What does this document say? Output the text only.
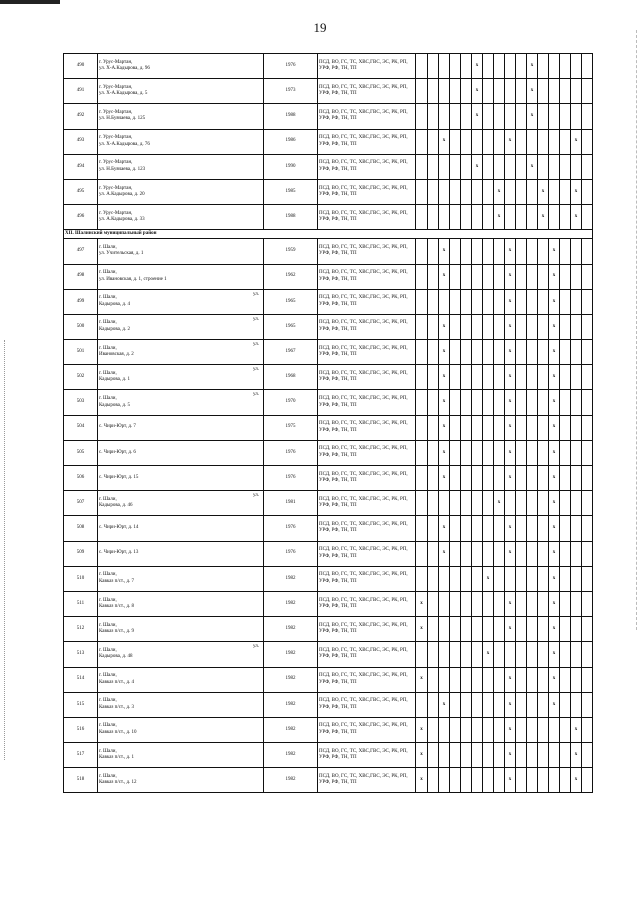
19
490	г. Урус-Мартан,
ул. Х-А.Кадырова, д. 96	1976	ПСД, ВО, ГС, ТС, ХВС,ГВС, ЭС, РК, РП, УРФ, РФ, ТН, ТП						x					x					
491	г. Урус-Мартан,
ул. Х-А.Кадырова, д. 5	1973	ПСД, ВО, ГС, ТС, ХВС,ГВС, ЭС, РК, РП, УРФ, РФ, ТН, ТП						x					x					
492	г. Урус-Мартан,
ул. Н.Бувчаева, д. 125	1988	ПСД, ВО, ГС, ТС, ХВС,ГВС, ЭС, РК, РП, УРФ, РФ, ТН, ТП						x					x					
493	г. Урус-Мартан,
ул. Х-А.Кадырова, д. 76	1986	ПСД, ВО, ГС, ТС, ХВС,ГВС, ЭС, РК, РП, УРФ, РФ, ТН, ТП			x						x						x	
494	г. Урус-Мартан,
ул. Н.Бувчаева, д. 123	1990	ПСД, ВО, ГС, ТС, ХВС,ГВС, ЭС, РК, РП, УРФ, РФ, ТН, ТП						x					x					
495	г. Урус-Мартан,
ул. А.Кадырова, д. 20	1985	ПСД, ВО, ГС, ТС, ХВС,ГВС, ЭС, РК, РП, УРФ, РФ, ТН, ТП								x				x			x	
496	г. Урус-Мартан,
ул. А.Кадырова, д. 33	1988	ПСД, ВО, ГС, ТС, ХВС,ГВС, ЭС, РК, РП, УРФ, РФ, ТН, ТП								x				x			x	
XII. Шалинский муниципальный район																			
497	г. Шали,
ул. Учительская, д. 1	1959	ПСД, ВО, ГС, ТС, ХВС,ГВС, ЭС, РК, РП, УРФ, РФ, ТН, ТП			x						x				x			
498	г. Шали,
ул. Ивановская, д. 1, строение 1	1962	ПСД, ВО, ГС, ТС, ХВС,ГВС, ЭС, РК, РП, УРФ, РФ, ТН, ТП			x						x				x			
499	г. Шали,
Кадырова, д. 4
ул.	1965	ПСД, ВО, ГС, ТС, ХВС,ГВС, ЭС, РК, РП, УРФ, РФ, ТН, ТП									x				x			
500	г. Шали,
Кадырова, д. 2
ул.	1965	ПСД, ВО, ГС, ТС, ХВС,ГВС, ЭС, РК, РП, УРФ, РФ, ТН, ТП			x						x				x			
501	г. Шали,
Ивановская, д. 2
ул.	1967	ПСД, ВО, ГС, ТС, ХВС,ГВС, ЭС, РК, РП, УРФ, РФ, ТН, ТП			x						x				x			
502	г. Шали,
Кадырова, д. 1
ул.	1968	ПСД, ВО, ГС, ТС, ХВС,ГВС, ЭС, РК, РП, УРФ, РФ, ТН, ТП			x						x				x			
503	г. Шали,
Кадырова, д. 5
ул.	1970	ПСД, ВО, ГС, ТС, ХВС,ГВС, ЭС, РК, РП, УРФ, РФ, ТН, ТП			x						x				x			
504	с. Чири-Юрт, д. 7	1975	ПСД, ВО, ГС, ТС, ХВС,ГВС, ЭС, РК, РП, УРФ, РФ, ТН, ТП			x						x				x			
505	с. Чири-Юрт, д. 6	1976	ПСД, ВО, ГС, ТС, ХВС,ГВС, ЭС, РК, РП, УРФ, РФ, ТН, ТП			x						x				x			
506	с. Чири-Юрт, д. 15	1976	ПСД, ВО, ГС, ТС, ХВС,ГВС, ЭС, РК, РП, УРФ, РФ, ТН, ТП			x						x				x			
507	г. Шали,
Кадырова, д. 46
ул.	1981	ПСД, ВО, ГС, ТС, ХВС,ГВС, ЭС, РК, РП, УРФ, РФ, ТН, ТП								x					x			
508	с. Чири-Юрт, д. 14	1976	ПСД, ВО, ГС, ТС, ХВС,ГВС, ЭС, РК, РП, УРФ, РФ, ТН, ТП			x						x				x			
509	с. Чири-Юрт, д. 13	1976	ПСД, ВО, ГС, ТС, ХВС,ГВС, ЭС, РК, РП, УРФ, РФ, ТН, ТП			x						x				x			
510	г. Шали,
Кавказ п/ст., д. 7	1982	ПСД, ВО, ГС, ТС, ХВС,ГВС, ЭС, РК, РП, УРФ, РФ, ТН, ТП							x						x			
511	г. Шали,
Кавказ п/ст., д. 8	1982	ПСД, ВО, ГС, ТС, ХВС,ГВС, ЭС, РК, РП, УРФ, РФ, ТН, ТП	x								x				x			
512	г. Шали,
Кавказ п/ст., д. 9	1982	ПСД, ВО, ГС, ТС, ХВС,ГВС, ЭС, РК, РП, УРФ, РФ, ТН, ТП	x								x				x			
513	г. Шали,
Кадырова, д. 48
ул.	1982	ПСД, ВО, ГС, ТС, ХВС,ГВС, ЭС, РК, РП, УРФ, РФ, ТН, ТП							x						x			
514	г. Шали,
Кавказ п/ст., д. 4	1982	ПСД, ВО, ГС, ТС, ХВС,ГВС, ЭС, РК, РП, УРФ, РФ, ТН, ТП	x								x				x			
515	г. Шали,
Кавказ п/ст., д. 3	1982	ПСД, ВО, ГС, ТС, ХВС,ГВС, ЭС, РК, РП, УРФ, РФ, ТН, ТП			x						x				x			
516	г. Шали,
Кавказ п/ст., д. 10	1982	ПСД, ВО, ГС, ТС, ХВС,ГВС, ЭС, РК, РП, УРФ, РФ, ТН, ТП	x								x						x	
517	г. Шали,
Кавказ п/ст., д. 1	1982	ПСД, ВО, ГС, ТС, ХВС,ГВС, ЭС, РК, РП, УРФ, РФ, ТН, ТП	x								x						x	
518	г. Шали,
Кавказ п/ст., д. 12	1982	ПСД, ВО, ГС, ТС, ХВС,ГВС, ЭС, РК, РП, УРФ, РФ, ТН, ТП	x								x						x	
